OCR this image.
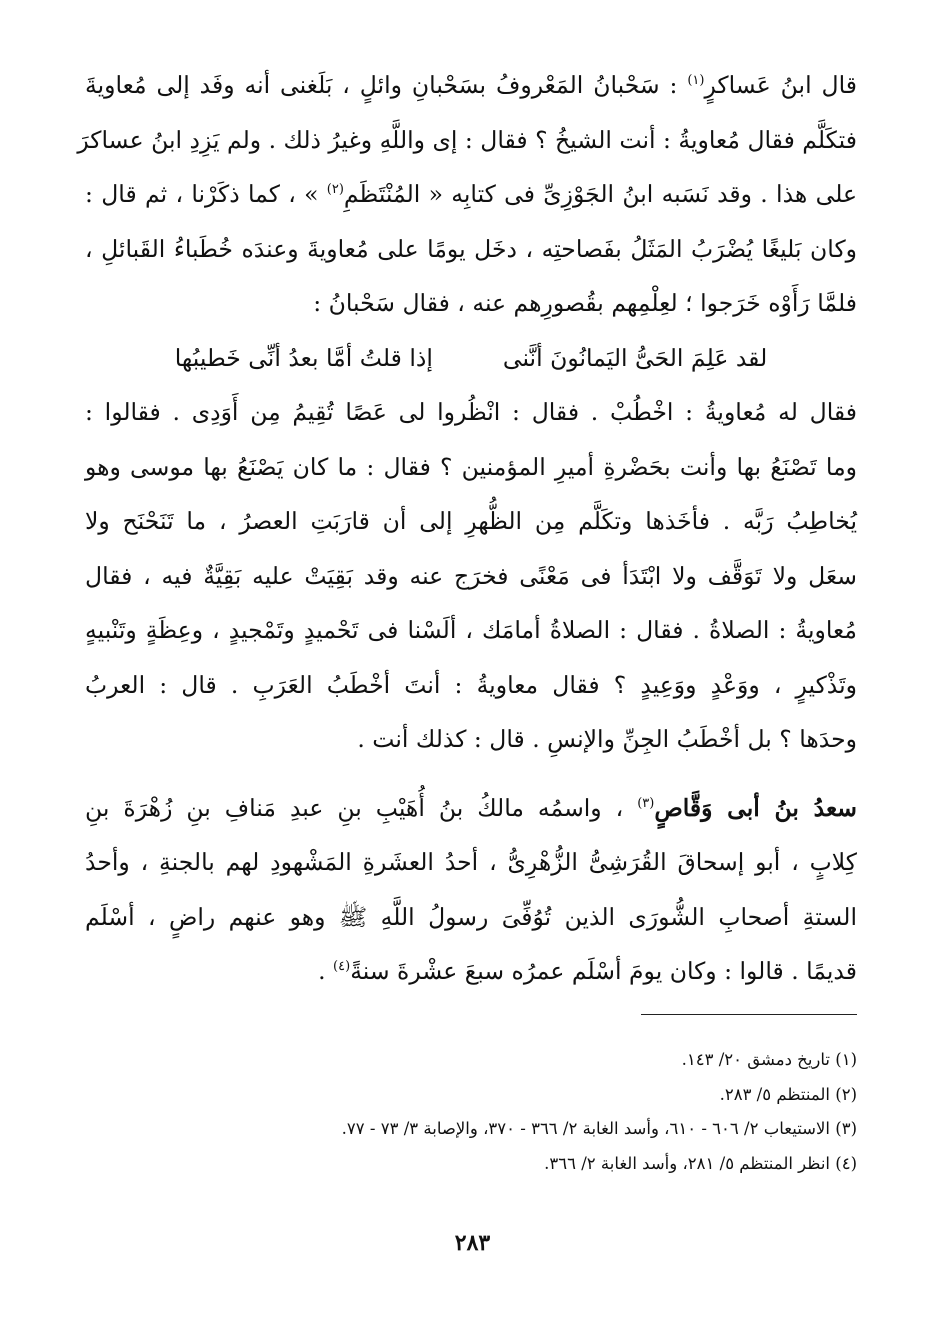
قال ابنُ عَساكرٍ$^{(١)}$ : سَحْبانُ المَعْروفُ بسَحْبانِ وائلٍ ، بَلَغنى أنه وفَد إلى مُعاويةَ
فتكَلَّم فقال مُعاويةُ : أنت الشيخُ ؟ فقال : إى واللَّهِ وغيرُ ذلك . ولم يَزِدِ ابنُ عساكرَ
على هذا . وقد نَسَبه ابنُ الجَوْزِىِّ فى كتابِه « المُنْتَظَمِ$^{(٢)}$ » ، كما ذكَرْنا ، ثم قال :
وكان بَليغًا يُضْرَبُ المَثَلُ بفَصاحتِه ، دخَل يومًا على مُعاويةَ وعندَه خُطَباءُ القَبائلِ ،
فلمَّا رَأَوْه خَرَجوا ؛ لعِلْمِهم بقُصورِهم عنه ، فقال سَحْبانُ :
لقد عَلِمَ الحَىُّ اليَمانُونَ أنَّنى
إذا قلتُ أمَّا بعدُ أنِّى خَطيبُها
فقال له مُعاويةُ : اخْطُبْ . فقال : انْظُروا لى عَصًا تُقِيمُ مِن أَوَدِى . فقالوا :
وما تَصْنَعُ بها وأنت بحَضْرةِ أميرِ المؤمنين ؟ فقال : ما كان يَصْنَعُ بها موسى وهو
يُخاطِبُ رَبَّه . فأخَذها وتكَلَّم مِن الظُّهرِ إلى أن قارَبَتِ العصرُ ، ما تَنَحْنَح ولا
سعَل ولا تَوَقَّف ولا ابْتَدَأ فى مَعْنًى فخرَج عنه وقد بَقِيَتْ عليه بَقِيَّةٌ فيه ، فقال
مُعاويةُ : الصلاةُ . فقال : الصلاةُ أمامَك ، ألَسْنا فى تَحْميدٍ وتَمْجيدٍ ، وعِظَةٍ وتَنْبيهٍ
وتَذْكيرٍ ، ووَعْدٍ ووَعِيدٍ ؟ فقال معاويةُ : أنتَ أخْطَبُ العَرَبِ . قال : العربُ
وحدَها ؟ بل أخْطَبُ الجِنِّ والإنسِ . قال : كذلك أنت .
سعدُ بنُ أبى وَقَّاصٍ$^{(٣)}$ ، واسمُه مالكُ بنُ أُهَيْبِ بنِ عبدِ مَنافِ بنِ زُهْرَةَ بنِ
كِلابٍ ، أبو إسحاقَ القُرَشِىُّ الزُّهْرِىُّ ، أحدُ العشَرةِ المَشْهودِ لهم بالجنةِ ، وأحدُ
الستةِ أصحابِ الشُّورَى الذين تُوُفِّىَ رسولُ اللَّهِ ﷺ وهو عنهم راضٍ ، أسْلَم
قديمًا . قالوا : وكان يومَ أسْلَم عمرُه سبعَ عشْرةَ سنةً$^{(٤)}$ .
(١) تاريخ دمشق ٢٠/ ١٤٣.
(٢) المنتظم ٥/ ٢٨٣.
(٣) الاستيعاب ٢/ ٦٠٦ - ٦١٠، وأسد الغابة ٢/ ٣٦٦ - ٣٧٠، والإصابة ٣/ ٧٣ - ٧٧.
(٤) انظر المنتظم ٥/ ٢٨١، وأسد الغابة ٢/ ٣٦٦.
٢٨٣
